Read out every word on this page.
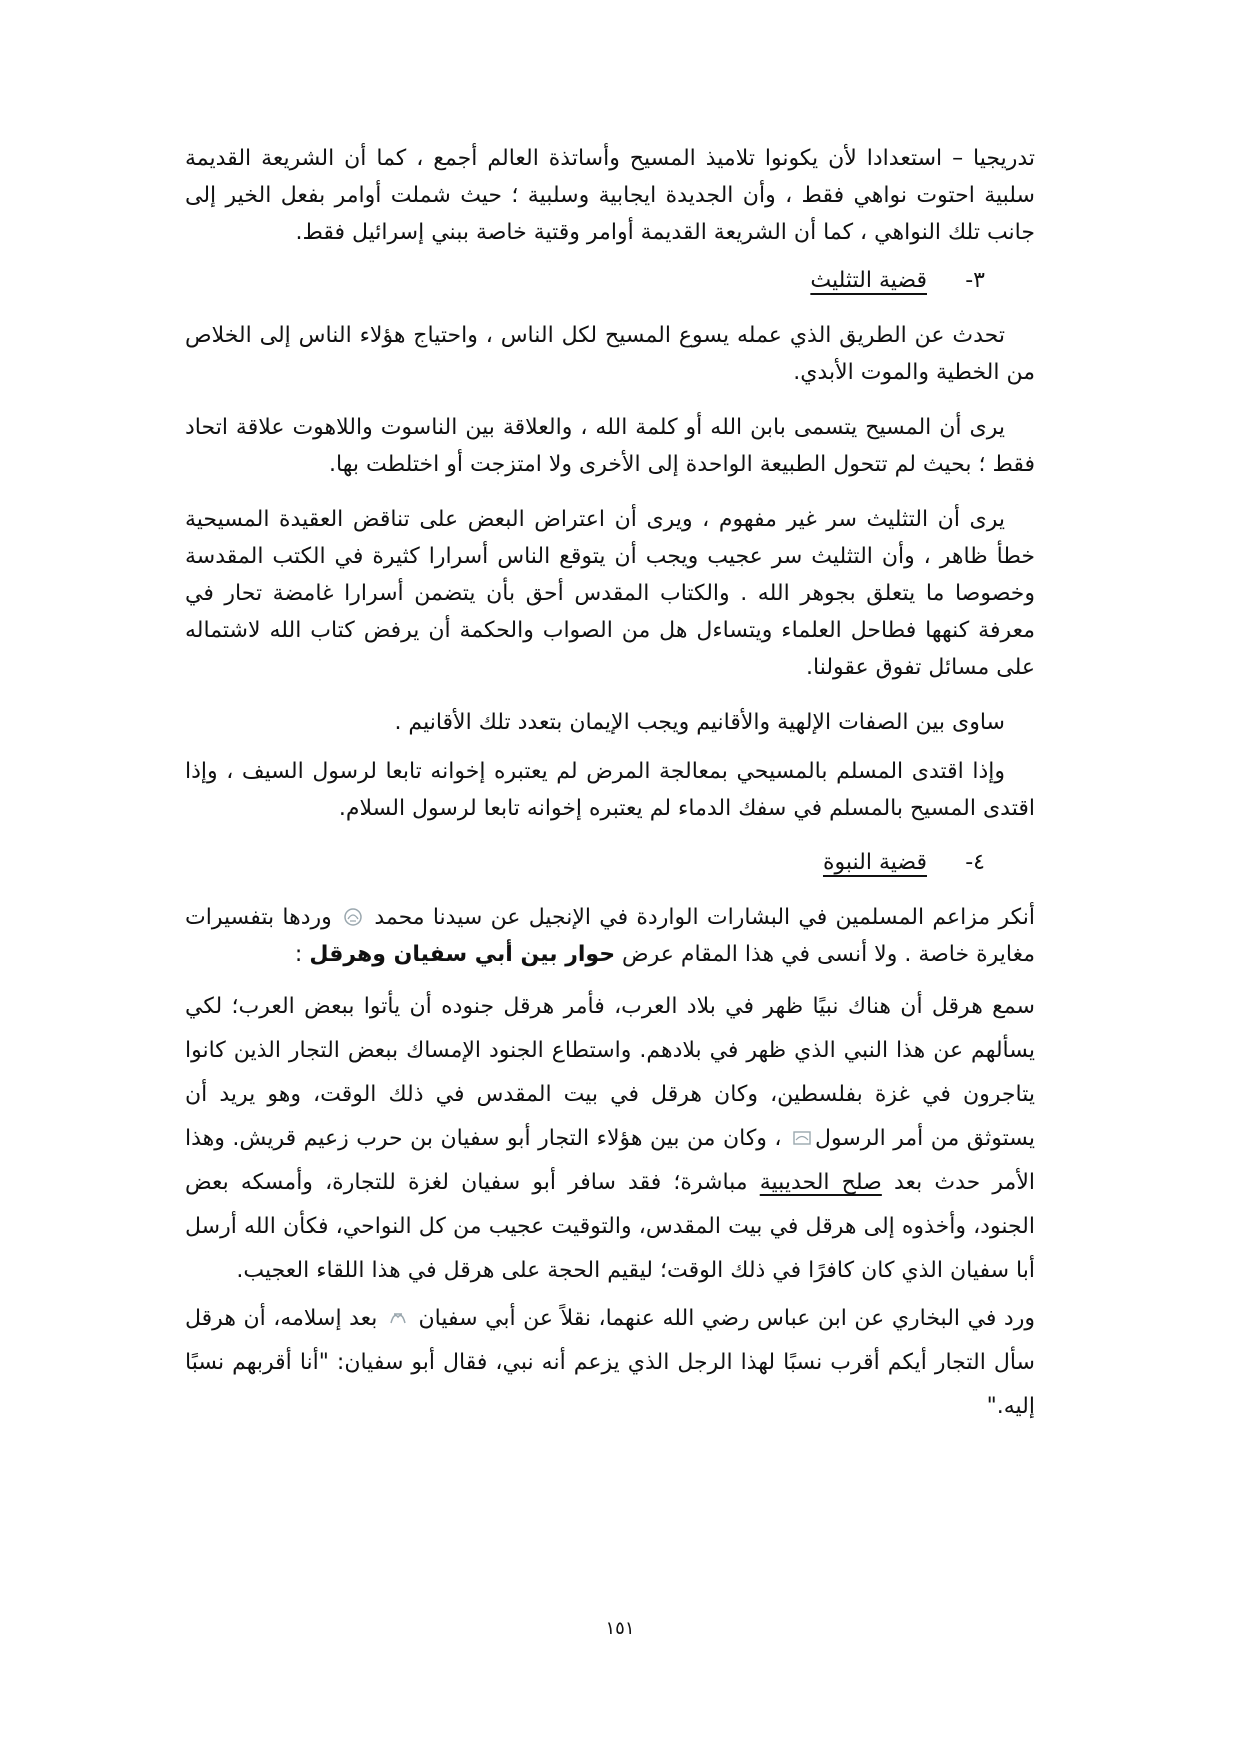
تدريجيا – استعدادا لأن يكونوا تلاميذ المسيح وأساتذة العالم أجمع ، كما أن الشريعة القديمة سلبية احتوت نواهي فقط ، وأن الجديدة ايجابية وسلبية ؛ حيث شملت أوامر بفعل الخير إلى جانب تلك النواهي ، كما أن الشريعة القديمة أوامر وقتية خاصة ببني إسرائيل فقط.

٣-قضية التثليث

تحدث عن الطريق الذي عمله يسوع المسيح لكل الناس ، واحتياج هؤلاء الناس إلى الخلاص من الخطية والموت الأبدي.

يرى أن المسيح يتسمى بابن الله أو كلمة الله ، والعلاقة بين الناسوت واللاهوت علاقة اتحاد فقط ؛ بحيث لم تتحول الطبيعة الواحدة إلى الأخرى ولا امتزجت أو اختلطت بها.

يرى أن التثليث سر غير مفهوم ، ويرى أن اعتراض البعض على تناقض العقيدة المسيحية خطأ ظاهر ، وأن التثليث سر عجيب ويجب أن يتوقع الناس أسرارا كثيرة في الكتب المقدسة وخصوصا ما يتعلق بجوهر الله . والكتاب المقدس أحق بأن يتضمن أسرارا غامضة تحار في معرفة كنهها فطاحل العلماء ويتساءل هل من الصواب والحكمة أن يرفض كتاب الله لاشتماله على مسائل تفوق عقولنا.

ساوى بين الصفات الإلهية والأقانيم ويجب الإيمان بتعدد تلك الأقانيم .

وإذا اقتدى المسلم بالمسيحي بمعالجة المرض لم يعتبره إخوانه تابعا لرسول السيف ، وإذا اقتدى المسيح بالمسلم في سفك الدماء لم يعتبره إخوانه تابعا لرسول السلام.

٤-قضية النبوة

أنكر مزاعم المسلمين في البشارات الواردة في الإنجيل عن سيدنا محمد
وردها بتفسيرات مغايرة خاصة . ولا أنسى في هذا المقام عرض حوار بين أبي سفيان وهرقل :

سمع هرقل أن هناك نبيًا ظهر في بلاد العرب، فأمر هرقل جنوده أن يأتوا ببعض العرب؛ لكي يسألهم عن هذا النبي الذي ظهر في بلادهم. واستطاع الجنود الإمساك ببعض التجار الذين كانوا يتاجرون في غزة بفلسطين، وكان هرقل في بيت المقدس في ذلك الوقت، وهو يريد أن يستوثق من أمر الرسول
، وكان من بين هؤلاء التجار أبو سفيان بن حرب زعيم قريش. وهذا الأمر حدث بعد صلح الحديبية مباشرة؛ فقد سافر أبو سفيان لغزة للتجارة، وأمسكه بعض الجنود، وأخذوه إلى هرقل في بيت المقدس، والتوقيت عجيب من كل النواحي، فكأن الله أرسل أبا سفيان الذي كان كافرًا في ذلك الوقت؛ ليقيم الحجة على هرقل في هذا اللقاء العجيب.

ورد في البخاري عن ابن عباس رضي الله عنهما، نقلاً عن أبي سفيان
بعد إسلامه، أن هرقل سأل التجار أيكم أقرب نسبًا لهذا الرجل الذي يزعم أنه نبي، فقال أبو سفيان: "أنا أقربهم نسبًا إليه."

١٥١
